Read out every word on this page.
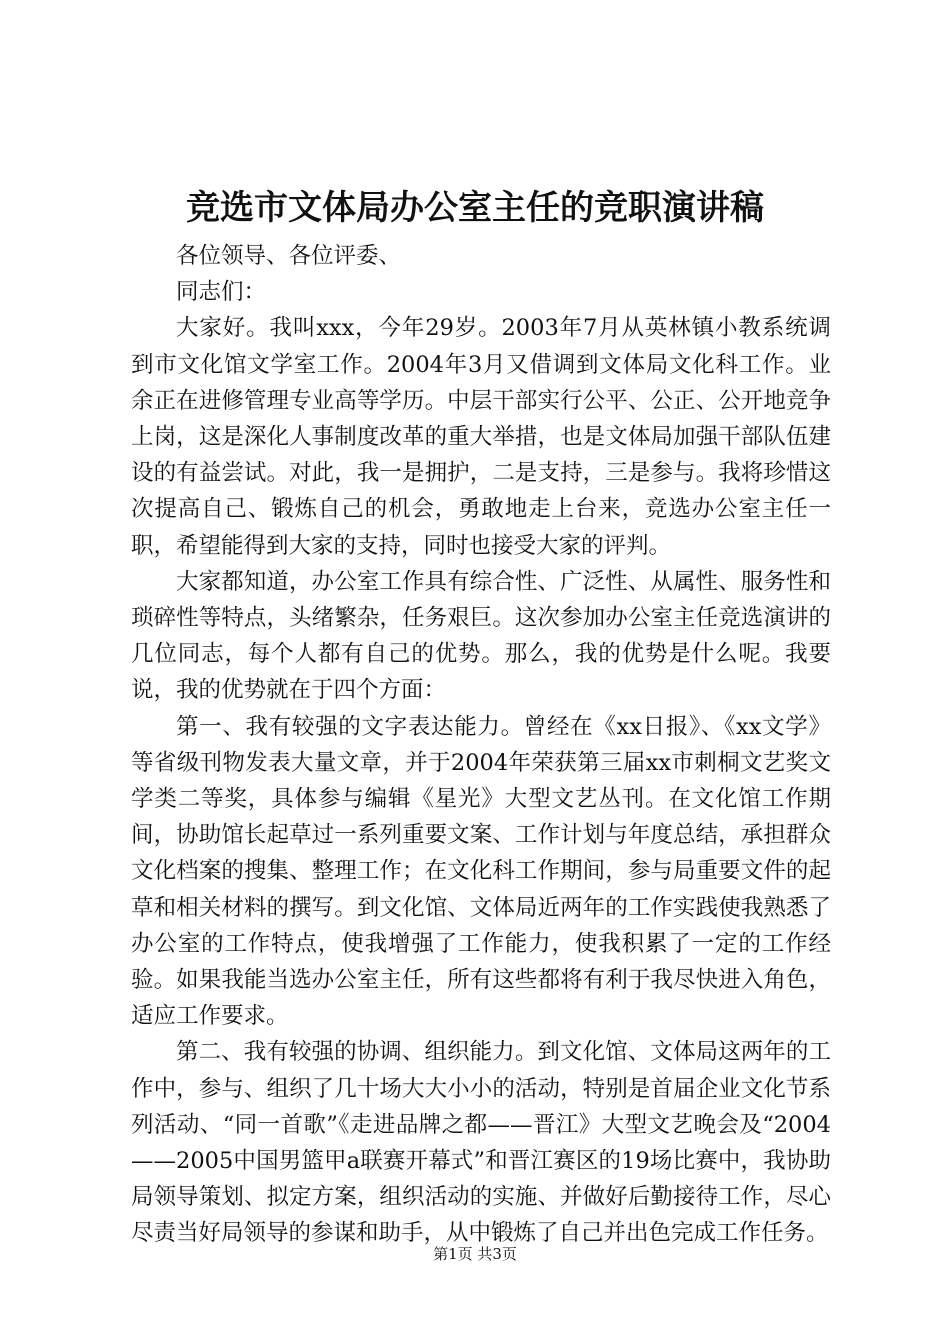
竞选市文体局办公室主任的竞职演讲稿

各位领导、各位评委、

同志们：

大家好。我叫xxx，今年29岁。2003年7月从英林镇小教系统调到市文化馆文学室工作。2004年3月又借调到文体局文化科工作。业余正在进修管理专业高等学历。中层干部实行公平、公正、公开地竞争上岗，这是深化人事制度改革的重大举措，也是文体局加强干部队伍建设的有益尝试。对此，我一是拥护，二是支持，三是参与。我将珍惜这次提高自己、锻炼自己的机会，勇敢地走上台来，竞选办公室主任一职，希望能得到大家的支持，同时也接受大家的评判。

大家都知道，办公室工作具有综合性、广泛性、从属性、服务性和琐碎性等特点，头绪繁杂，任务艰巨。这次参加办公室主任竞选演讲的几位同志，每个人都有自己的优势。那么，我的优势是什么呢。我要说，我的优势就在于四个方面：

第一、我有较强的文字表达能力。曾经在《xx日报》、《xx文学》等省级刊物发表大量文章，并于2004年荣获第三届xx市刺桐文艺奖文学类二等奖，具体参与编辑《星光》大型文艺丛刊。在文化馆工作期间，协助馆长起草过一系列重要文案、工作计划与年度总结，承担群众文化档案的搜集、整理工作；在文化科工作期间，参与局重要文件的起草和相关材料的撰写。到文化馆、文体局近两年的工作实践使我熟悉了办公室的工作特点，使我增强了工作能力，使我积累了一定的工作经验。如果我能当选办公室主任，所有这些都将有利于我尽快进入角色，适应工作要求。

第二、我有较强的协调、组织能力。到文化馆、文体局这两年的工作中，参与、组织了几十场大大小小的活动，特别是首届企业文化节系列活动、“同一首歌”《走进品牌之都——晋江》大型文艺晚会及“2004——2005中国男篮甲a联赛开幕式”和晋江赛区的19场比赛中，我协助局领导策划、拟定方案，组织活动的实施、并做好后勤接待工作，尽心尽责当好局领导的参谋和助手，从中锻炼了自己并出色完成工作任务。

第1页 共3页
